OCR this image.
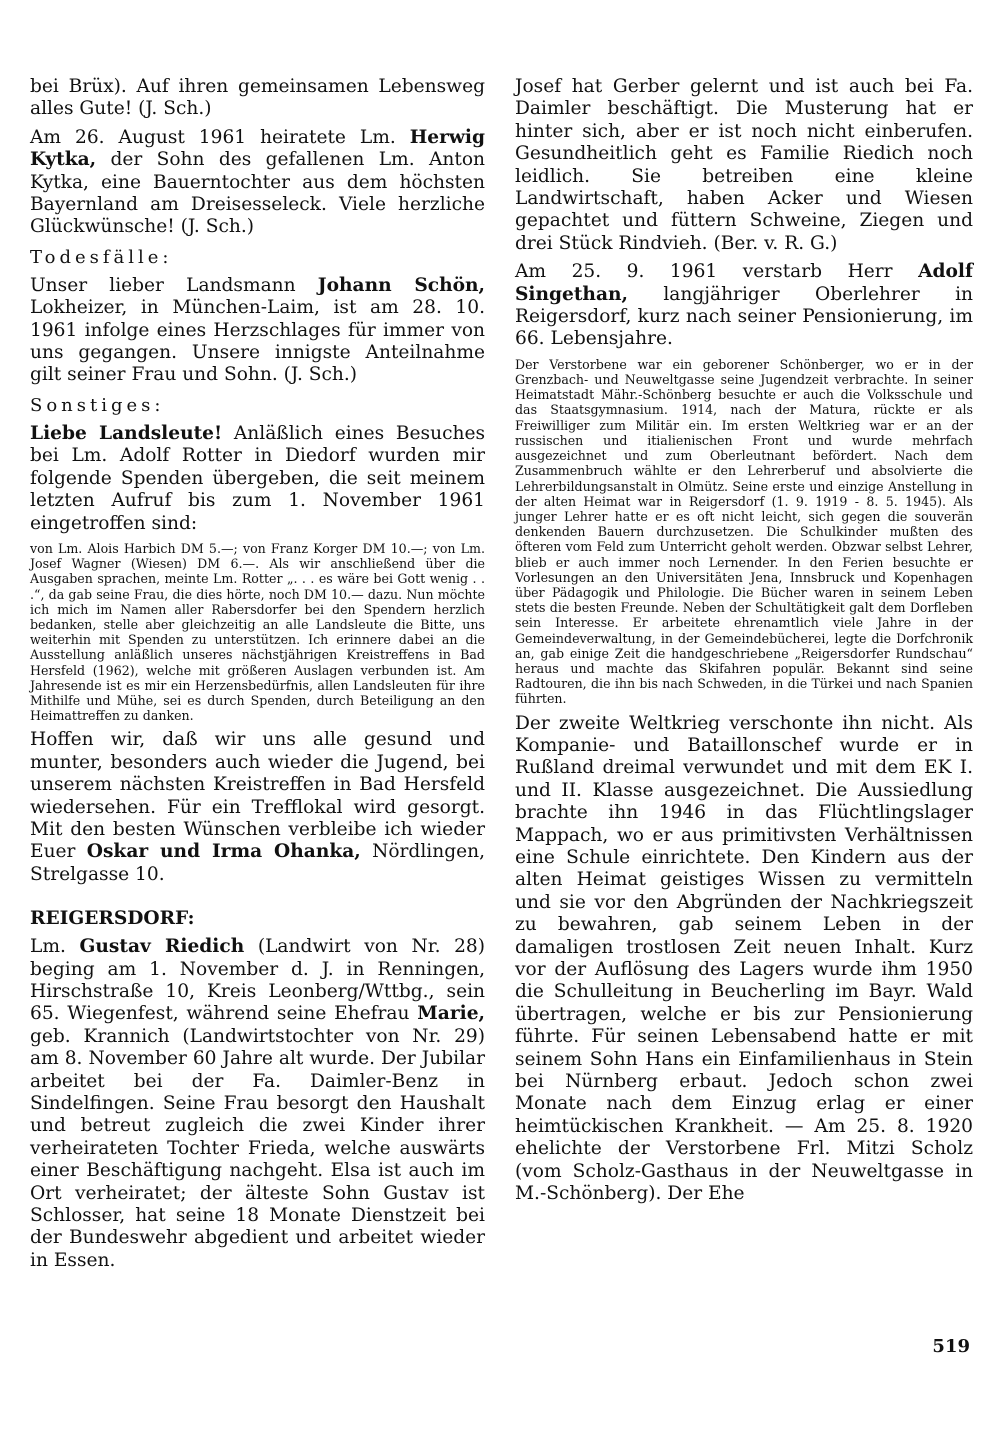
bei Brüx). Auf ihren gemeinsamen Lebensweg alles Gute! (J. Sch.)

Am 26. August 1961 heiratete Lm. Herwig Kytka, der Sohn des gefallenen Lm. Anton Kytka, eine Bauerntochter aus dem höchsten Bayernland am Dreisesseleck. Viele herzliche Glückwünsche! (J. Sch.)

Todesfälle:

Unser lieber Landsmann Johann Schön, Lokheizer, in München-Laim, ist am 28. 10. 1961 infolge eines Herzschlages für immer von uns gegangen. Unsere innigste Anteilnahme gilt seiner Frau und Sohn. (J. Sch.)

Sonstiges:

Liebe Landsleute! Anläßlich eines Besuches bei Lm. Adolf Rotter in Diedorf wurden mir folgende Spenden übergeben, die seit meinem letzten Aufruf bis zum 1. November 1961 eingetroffen sind:

von Lm. Alois Harbich DM 5.—; von Franz Korger DM 10.—; von Lm. Josef Wagner (Wiesen) DM 6.—. Als wir anschließend über die Ausgaben sprachen, meinte Lm. Rotter „. . . es wäre bei Gott wenig . . .“, da gab seine Frau, die dies hörte, noch DM 10.— dazu. Nun möchte ich mich im Namen aller Rabersdorfer bei den Spendern herzlich bedanken, stelle aber gleichzeitig an alle Landsleute die Bitte, uns weiterhin mit Spenden zu unterstützen. Ich erinnere dabei an die Ausstellung anläßlich unseres nächstjährigen Kreistreffens in Bad Hersfeld (1962), welche mit größeren Auslagen verbunden ist. Am Jahresende ist es mir ein Herzensbedürfnis, allen Landsleuten für ihre Mithilfe und Mühe, sei es durch Spenden, durch Beteiligung an den Heimattreffen zu danken.

Hoffen wir, daß wir uns alle gesund und munter, besonders auch wieder die Jugend, bei unserem nächsten Kreistreffen in Bad Hersfeld wiedersehen. Für ein Trefflokal wird gesorgt. Mit den besten Wünschen verbleibe ich wieder Euer Oskar und Irma Ohanka, Nördlingen, Strelgasse 10.

REIGERSDORF:

Lm. Gustav Riedich (Landwirt von Nr. 28) beging am 1. November d. J. in Renningen, Hirschstraße 10, Kreis Leonberg/Wttbg., sein 65. Wiegenfest, während seine Ehefrau Marie, geb. Krannich (Landwirtstochter von Nr. 29) am 8. November 60 Jahre alt wurde. Der Jubilar arbeitet bei der Fa. Daimler-Benz in Sindelfingen. Seine Frau besorgt den Haushalt und betreut zugleich die zwei Kinder ihrer verheirateten Tochter Frieda, welche auswärts einer Beschäftigung nachgeht. Elsa ist auch im Ort verheiratet; der älteste Sohn Gustav ist Schlosser, hat seine 18 Monate Dienstzeit bei der Bundeswehr abgedient und arbeitet wieder in Essen.

Josef hat Gerber gelernt und ist auch bei Fa. Daimler beschäftigt. Die Musterung hat er hinter sich, aber er ist noch nicht einberufen. Gesundheitlich geht es Familie Riedich noch leidlich. Sie betreiben eine kleine Landwirtschaft, haben Acker und Wiesen gepachtet und füttern Schweine, Ziegen und drei Stück Rindvieh. (Ber. v. R. G.)

Am 25. 9. 1961 verstarb Herr Adolf Singethan, langjähriger Oberlehrer in Reigersdorf, kurz nach seiner Pensionierung, im 66. Lebensjahre.

Der Verstorbene war ein geborener Schönberger, wo er in der Grenzbach- und Neuweltgasse seine Jugendzeit verbrachte. In seiner Heimatstadt Mähr.-Schönberg besuchte er auch die Volksschule und das Staatsgymnasium. 1914, nach der Matura, rückte er als Freiwilliger zum Militär ein. Im ersten Weltkrieg war er an der russischen und itialienischen Front und wurde mehrfach ausgezeichnet und zum Oberleutnant befördert. Nach dem Zusammenbruch wählte er den Lehrerberuf und absolvierte die Lehrerbildungsanstalt in Olmütz. Seine erste und einzige Anstellung in der alten Heimat war in Reigersdorf (1. 9. 1919 - 8. 5. 1945). Als junger Lehrer hatte er es oft nicht leicht, sich gegen die souverän denkenden Bauern durchzusetzen. Die Schulkinder mußten des öfteren vom Feld zum Unterricht geholt werden. Obzwar selbst Lehrer, blieb er auch immer noch Lernender. In den Ferien besuchte er Vorlesungen an den Universitäten Jena, Innsbruck und Kopenhagen über Pädagogik und Philologie. Die Bücher waren in seinem Leben stets die besten Freunde. Neben der Schultätigkeit galt dem Dorfleben sein Interesse. Er arbeitete ehrenamtlich viele Jahre in der Gemeindeverwaltung, in der Gemeindebücherei, legte die Dorfchronik an, gab einige Zeit die handgeschriebene „Reigersdorfer Rundschau“ heraus und machte das Skifahren populär. Bekannt sind seine Radtouren, die ihn bis nach Schweden, in die Türkei und nach Spanien führten.

Der zweite Weltkrieg verschonte ihn nicht. Als Kompanie- und Bataillonschef wurde er in Rußland dreimal verwundet und mit dem EK I. und II. Klasse ausgezeichnet. Die Aussiedlung brachte ihn 1946 in das Flüchtlingslager Mappach, wo er aus primitivsten Verhältnissen eine Schule einrichtete. Den Kindern aus der alten Heimat geistiges Wissen zu vermitteln und sie vor den Abgründen der Nachkriegszeit zu bewahren, gab seinem Leben in der damaligen trostlosen Zeit neuen Inhalt. Kurz vor der Auflösung des Lagers wurde ihm 1950 die Schulleitung in Beucherling im Bayr. Wald übertragen, welche er bis zur Pensionierung führte. Für seinen Lebensabend hatte er mit seinem Sohn Hans ein Einfamilienhaus in Stein bei Nürnberg erbaut. Jedoch schon zwei Monate nach dem Einzug erlag er einer heimtückischen Krankheit. — Am 25. 8. 1920 ehelichte der Verstorbene Frl. Mitzi Scholz (vom Scholz-Gasthaus in der Neuweltgasse in M.-Schönberg). Der Ehe

519
